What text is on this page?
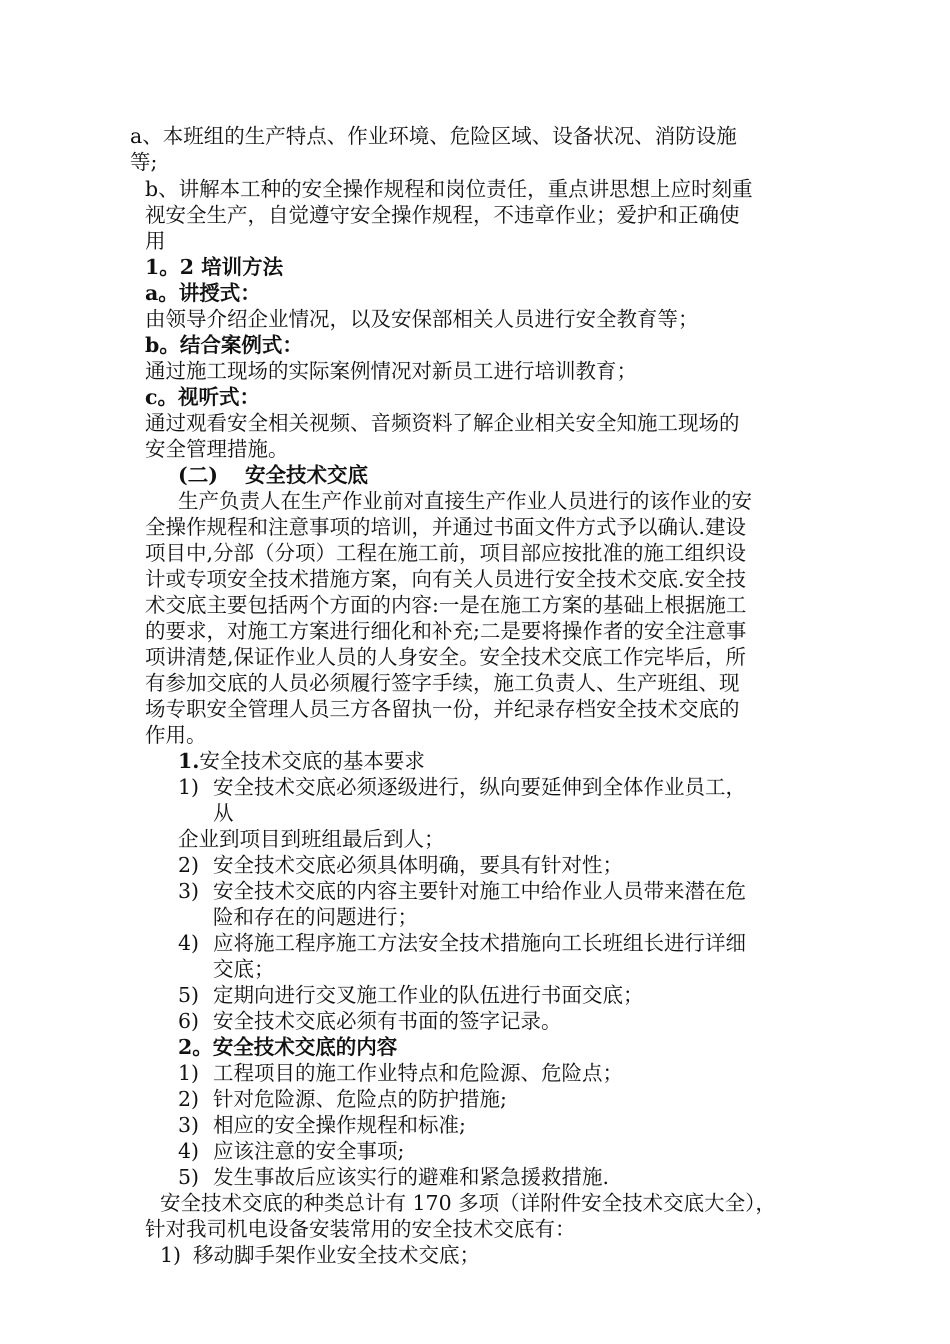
a、本班组的生产特点、作业环境、危险区域、设备状况、消防设施
等;
b、讲解本工种的安全操作规程和岗位责任，重点讲思想上应时刻重
视安全生产，自觉遵守安全操作规程，不违章作业；爱护和正确使
用
1。2 培训方法
a。讲授式：
由领导介绍企业情况，以及安保部相关人员进行安全教育等；
b。结合案例式：
通过施工现场的实际案例情况对新员工进行培训教育；
c。视听式：
通过观看安全相关视频、音频资料了解企业相关安全知施工现场的
安全管理措施。
(二) 安全技术交底
生产负责人在生产作业前对直接生产作业人员进行的该作业的安
全操作规程和注意事项的培训，并通过书面文件方式予以确认.建设
项目中,分部（分项）工程在施工前，项目部应按批准的施工组织设
计或专项安全技术措施方案，向有关人员进行安全技术交底.安全技
术交底主要包括两个方面的内容:一是在施工方案的基础上根据施工
的要求，对施工方案进行细化和补充;二是要将操作者的安全注意事
项讲清楚,保证作业人员的人身安全。安全技术交底工作完毕后，所
有参加交底的人员必须履行签字手续，施工负责人、生产班组、现
场专职安全管理人员三方各留执一份，并纪录存档安全技术交底的
作用。
1.安全技术交底的基本要求
1) 安全技术交底必须逐级进行，纵向要延伸到全体作业员工，
从
企业到项目到班组最后到人；
2) 安全技术交底必须具体明确，要具有针对性；
3) 安全技术交底的内容主要针对施工中给作业人员带来潜在危
险和存在的问题进行；
4) 应将施工程序施工方法安全技术措施向工长班组长进行详细
交底；
5) 定期向进行交叉施工作业的队伍进行书面交底；
6) 安全技术交底必须有书面的签字记录。
2。安全技术交底的内容
1) 工程项目的施工作业特点和危险源、危险点；
2) 针对危险源、危险点的防护措施;
3) 相应的安全操作规程和标准;
4) 应该注意的安全事项;
5) 发生事故后应该实行的避难和紧急援救措施.
安全技术交底的种类总计有 170 多项（详附件安全技术交底大全），
针对我司机电设备安装常用的安全技术交底有：
1) 移动脚手架作业安全技术交底；
